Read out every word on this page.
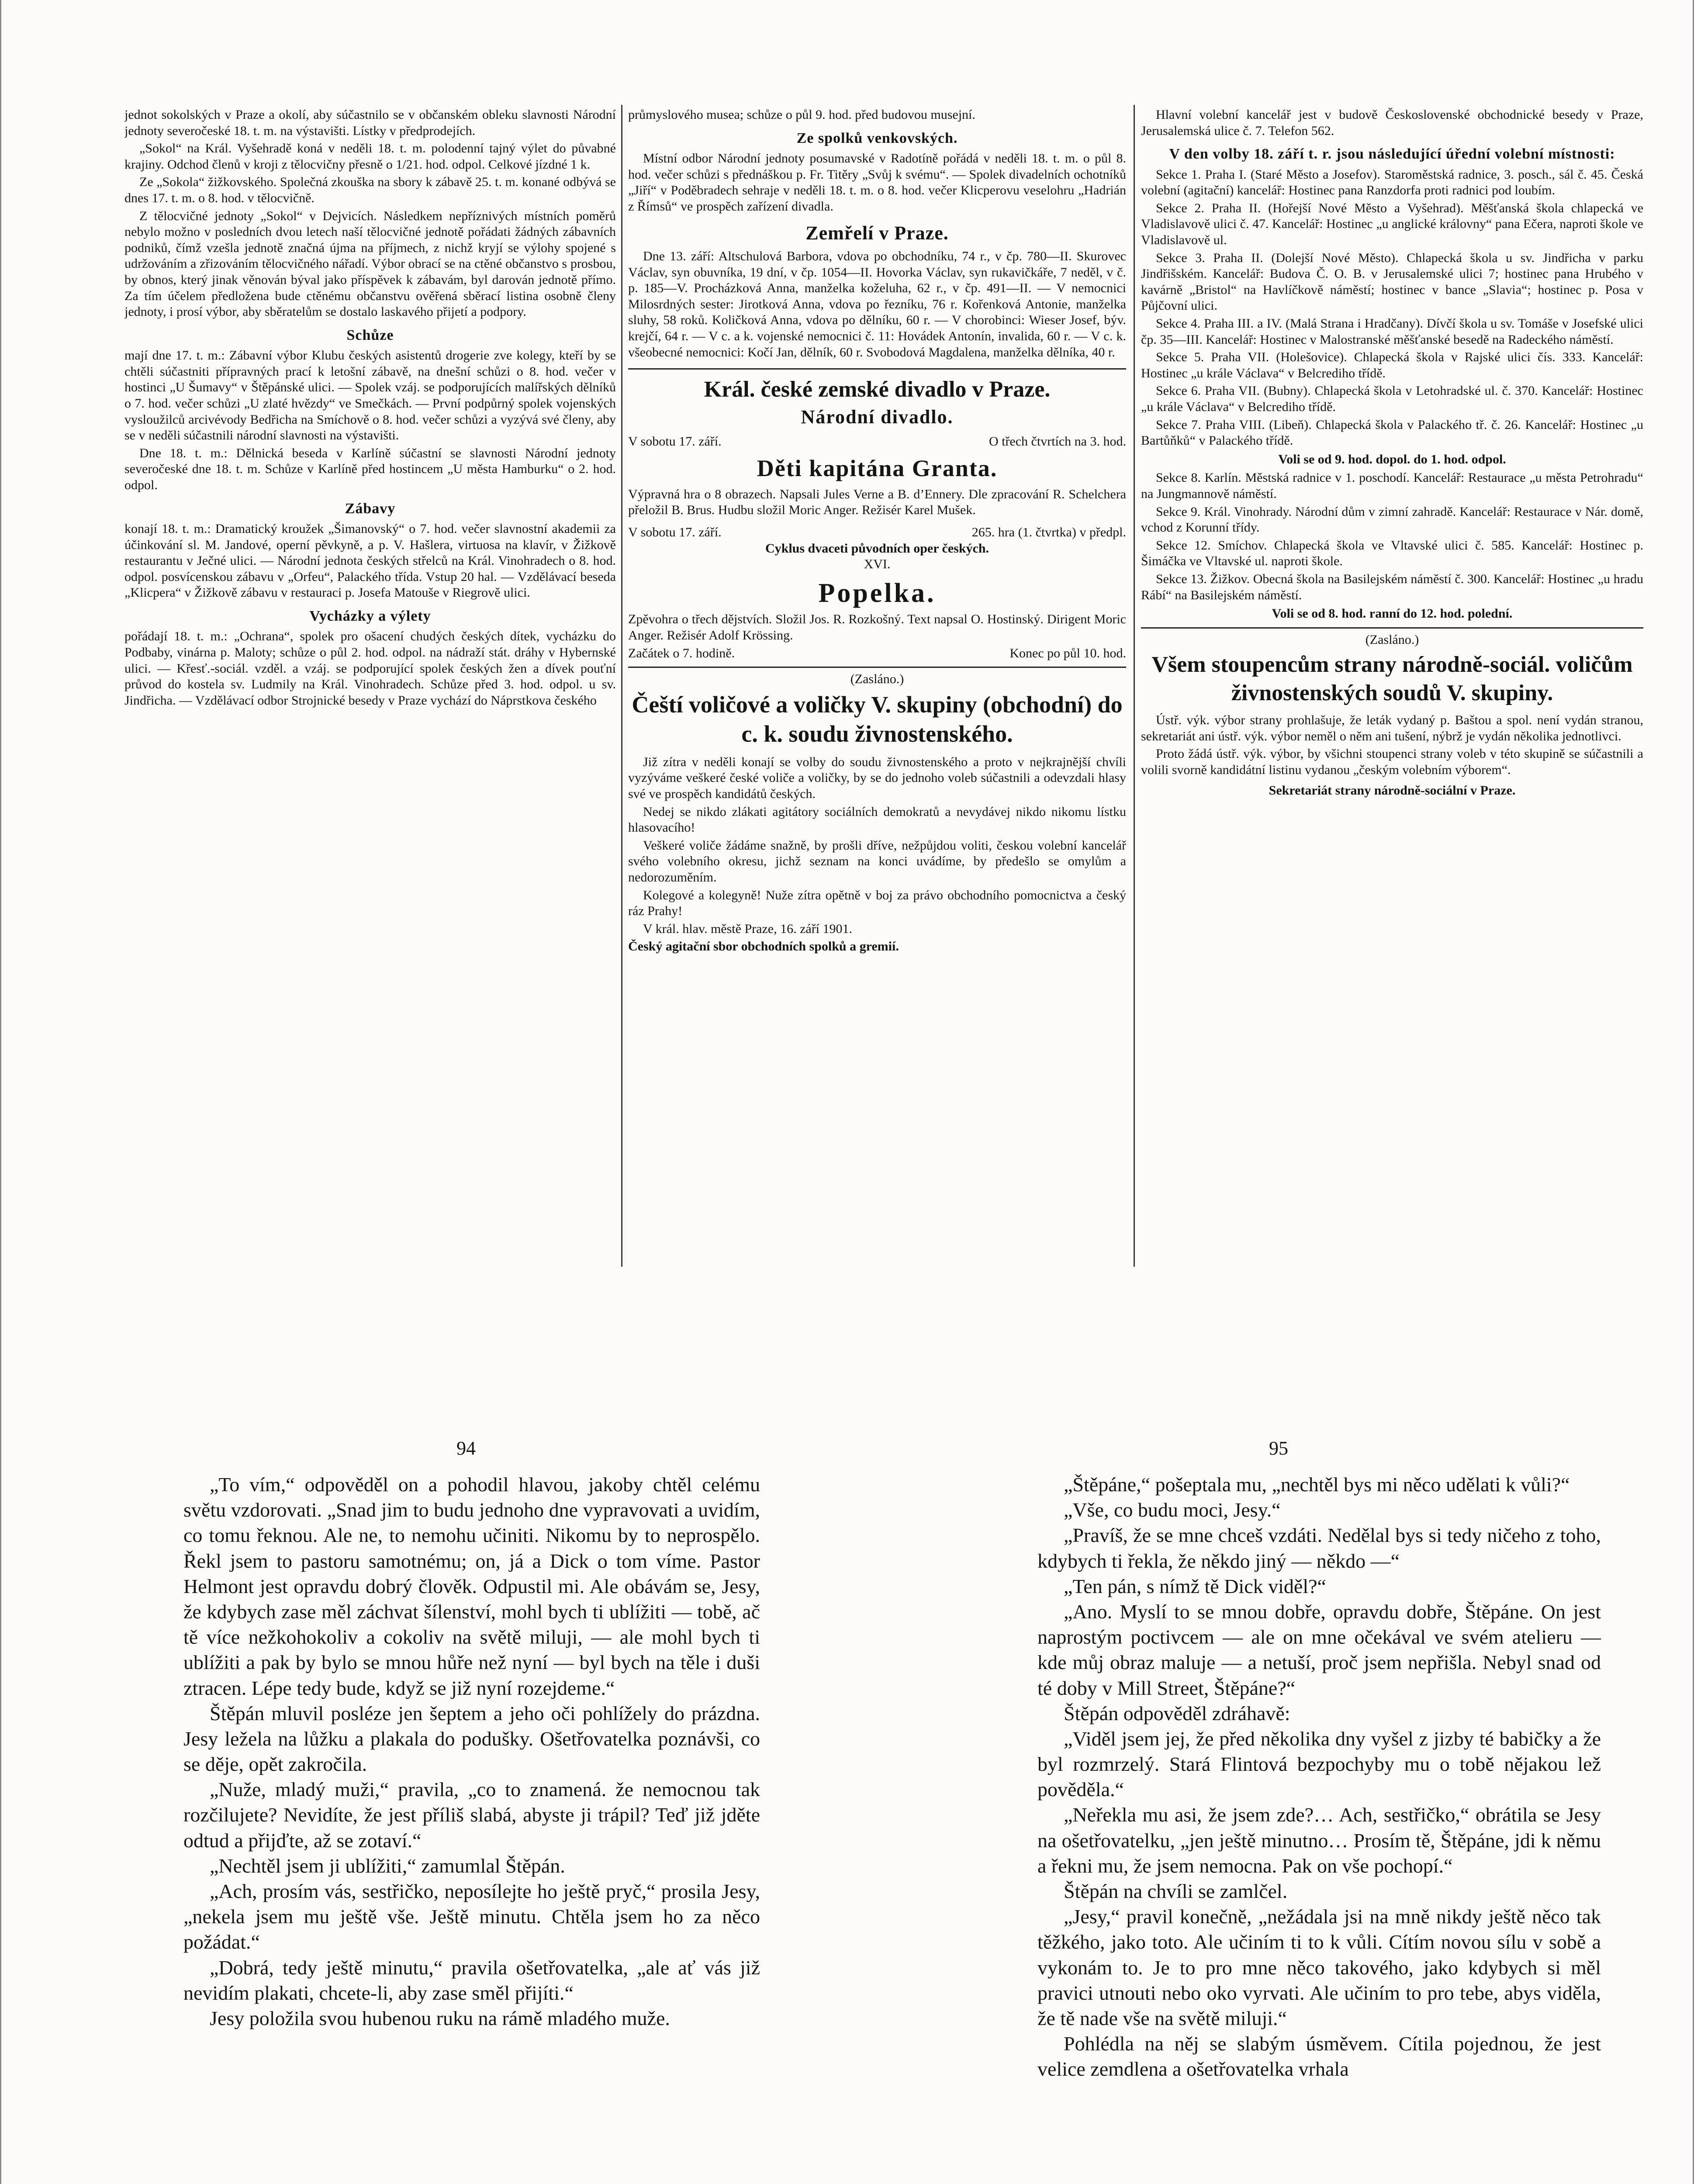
jednot sokolských v Praze a okolí, aby súčastnilo se v občanském obleku slavnosti Národní jednoty severočeské 18. t. m. na výstavišti. Lístky v předprodejích.

„Sokol“ na Král. Vyšehradě koná v neděli 18. t. m. polodenní tajný výlet do půvabné krajiny. Odchod členů v kroji z tělocvičny přesně o 1/21. hod. odpol. Celkové jízdné 1 k.

Ze „Sokola“ žižkovského. Společná zkouška na sbory k zábavě 25. t. m. konané odbývá se dnes 17. t. m. o 8. hod. v tělocvičně.

Z tělocvičné jednoty „Sokol“ v Dejvicích. Následkem nepříznivých místních poměrů nebylo možno v posledních dvou letech naší tělocvičné jednotě pořádati žádných zábavních podniků, čímž vzešla jednotě značná újma na příjmech, z nichž kryjí se výlohy spojené s udržováním a zřizováním tělocvičného nářadí. Výbor obrací se na ctěné občanstvo s prosbou, by obnos, který jinak věnován býval jako příspěvek k zábavám, byl darován jednotě přímo. Za tím účelem předložena bude ctěnému občanstvu ověřená sběrací listina osobně členy jednoty, i prosí výbor, aby sběratelům se dostalo laskavého přijetí a podpory.

Schůze

mají dne 17. t. m.: Zábavní výbor Klubu českých asistentů drogerie zve kolegy, kteří by se chtěli súčastniti přípravných prací k letošní zábavě, na dnešní schůzi o 8. hod. večer v hostinci „U Šumavy“ v Štěpánské ulici. — Spolek vzáj. se podporujících malířských dělníků o 7. hod. večer schůzi „U zlaté hvězdy“ ve Smečkách. — První podpůrný spolek vojenských vysloužilců arcivévody Bedřicha na Smíchově o 8. hod. večer schůzi a vyzývá své členy, aby se v neděli súčastnili národní slavnosti na výstavišti.

Dne 18. t. m.: Dělnická beseda v Karlíně súčastní se slavnosti Národní jednoty severočeské dne 18. t. m. Schůze v Karlíně před hostincem „U města Hamburku“ o 2. hod. odpol.

Zábavy

konají 18. t. m.: Dramatický kroužek „Šimanovský“ o 7. hod. večer slavnostní akademii za účinkování sl. M. Jandové, operní pěvkyně, a p. V. Hašlera, virtuosa na klavír, v Žižkově restaurantu v Ječné ulici. — Národní jednota českých střelců na Král. Vinohradech o 8. hod. odpol. posvícenskou zábavu v „Orfeu“, Palackého třída. Vstup 20 hal. — Vzdělávací beseda „Klicpera“ v Žižkově zábavu v restauraci p. Josefa Matouše v Riegrově ulici.

Vycházky a výlety

pořádají 18. t. m.: „Ochrana“, spolek pro ošacení chudých českých dítek, vycházku do Podbaby, vinárna p. Maloty; schůze o půl 2. hod. odpol. na nádraží stát. dráhy v Hybernské ulici. — Křesť.-sociál. vzděl. a vzáj. se podporující spolek českých žen a dívek pouťní průvod do kostela sv. Ludmily na Král. Vinohradech. Schůze před 3. hod. odpol. u sv. Jindřicha. — Vzdělávací odbor Strojnické besedy v Praze vychází do Náprstkova českého

průmyslového musea; schůze o půl 9. hod. před budovou musejní.

Ze spolků venkovských.

Místní odbor Národní jednoty posumavské v Radotíně pořádá v neděli 18. t. m. o půl 8. hod. večer schůzi s přednáškou p. Fr. Titěry „Svůj k svému“. — Spolek divadelních ochotníků „Jiří“ v Poděbradech sehraje v neděli 18. t. m. o 8. hod. večer Klicperovu veselohru „Hadrián z Římsů“ ve prospěch zařízení divadla.

Zemřelí v Praze.

Dne 13. září: Altschulová Barbora, vdova po obchodníku, 74 r., v čp. 780—II. Skurovec Václav, syn obuvníka, 19 dní, v čp. 1054—II. Hovorka Václav, syn rukavičkáře, 7 neděl, v č. p. 185—V. Procházková Anna, manželka koželuha, 62 r., v čp. 491—II. — V nemocnici Milosrdných sester: Jirotková Anna, vdova po řezníku, 76 r. Kořenková Antonie, manželka sluhy, 58 roků. Količková Anna, vdova po dělníku, 60 r. — V chorobinci: Wieser Josef, býv. krejčí, 64 r. — V c. a k. vojenské nemocnici č. 11: Hovádek Antonín, invalida, 60 r. — V c. k. všeobecné nemocnici: Kočí Jan, dělník, 60 r. Svobodová Magdalena, manželka dělníka, 40 r.

Král. české zemské divadlo v Praze.
Národní divadlo.
V sobotu 17. září.	O třech čtvrtích na 3. hod.
Děti kapitána Granta.

Výpravná hra o 8 obrazech. Napsali Jules Verne a B. d’Ennery. Dle zpracování R. Schelchera přeložil B. Brus. Hudbu složil Moric Anger. Režisér Karel Mušek.

V sobotu 17. září.	265. hra (1. čtvrtka) v předpl.
Cyklus dvaceti původních oper českých.
XVI.
Popelka.

Zpěvohra o třech dějstvích. Složil Jos. R. Rozkošný. Text napsal O. Hostinský. Dirigent Moric Anger. Režisér Adolf Krössing.

Začátek o 7. hodině.	Konec po půl 10. hod.
(Zasláno.)
Čeští voličové a voličky V. skupiny (obchodní) do c. k. soudu živnostenského.

Již zítra v neděli konají se volby do soudu živnostenského a proto v nejkrajnější chvíli vyzýváme veškeré české voliče a voličky, by se do jednoho voleb súčastnili a odevzdali hlasy své ve prospěch kandidátů českých.

Nedej se nikdo zlákati agitátory sociálních demokratů a nevydávej nikdo nikomu lístku hlasovacího!

Veškeré voliče žádáme snažně, by prošli dříve, nežpůjdou voliti, českou volební kancelář svého volebního okresu, jichž seznam na konci uvádíme, by předešlo se omylům a nedorozuměním.

Kolegové a kolegyně! Nuže zítra opětně v boj za právo obchodního pomocnictva a český ráz Prahy!

V král. hlav. městě Praze, 16. září 1901.

Český agitační sbor obchodních spolků a gremií.

Hlavní volební kancelář jest v budově Československé obchodnické besedy v Praze, Jerusalemská ulice č. 7. Telefon 562.

V den volby 18. září t. r. jsou následující úřední volební místnosti:

Sekce 1. Praha I. (Staré Město a Josefov). Staroměstská radnice, 3. posch., sál č. 45. Česká volební (agitační) kancelář: Hostinec pana Ranzdorfa proti radnici pod loubím.

Sekce 2. Praha II. (Hořejší Nové Město a Vyšehrad). Měšťanská škola chlapecká ve Vladislavově ulici č. 47. Kancelář: Hostinec „u anglické královny“ pana Ečera, naproti škole ve Vladislavově ul.

Sekce 3. Praha II. (Dolejší Nové Město). Chlapecká škola u sv. Jindřicha v parku Jindřišském. Kancelář: Budova Č. O. B. v Jerusalemské ulici 7; hostinec pana Hrubého v kavárně „Bristol“ na Havlíčkově náměstí; hostinec v bance „Slavia“; hostinec p. Posa v Půjčovní ulici.

Sekce 4. Praha III. a IV. (Malá Strana i Hradčany). Dívčí škola u sv. Tomáše v Josefské ulici čp. 35—III. Kancelář: Hostinec v Malostranské měšťanské besedě na Radeckého náměstí.

Sekce 5. Praha VII. (Holešovice). Chlapecká škola v Rajské ulici čís. 333. Kancelář: Hostinec „u krále Václava“ v Belcrediho třídě.

Sekce 6. Praha VII. (Bubny). Chlapecká škola v Letohradské ul. č. 370. Kancelář: Hostinec „u krále Václava“ v Belcrediho třídě.

Sekce 7. Praha VIII. (Libeň). Chlapecká škola v Palackého tř. č. 26. Kancelář: Hostinec „u Bartůňků“ v Palackého třídě.

Voli se od 9. hod. dopol. do 1. hod. odpol.

Sekce 8. Karlín. Městská radnice v 1. poschodí. Kancelář: Restaurace „u města Petrohradu“ na Jungmannově náměstí.

Sekce 9. Král. Vinohrady. Národní dům v zimní zahradě. Kancelář: Restaurace v Nár. domě, vchod z Korunní třídy.

Sekce 12. Smíchov. Chlapecká škola ve Vltavské ulici č. 585. Kancelář: Hostinec p. Šimáčka ve Vltavské ul. naproti škole.

Sekce 13. Žižkov. Obecná škola na Basilejském náměstí č. 300. Kancelář: Hostinec „u hradu Rábí“ na Basilejském náměstí.

Voli se od 8. hod. ranní do 12. hod. polední.
(Zasláno.)
Všem stoupencům strany národně-sociál. voličům živnostenských soudů V. skupiny.

Ústř. výk. výbor strany prohlašuje, že leták vydaný p. Baštou a spol. není vydán stranou, sekretariát ani ústř. výk. výbor neměl o něm ani tušení, nýbrž je vydán několika jednotlivci.

Proto žádá ústř. výk. výbor, by všichni stoupenci strany voleb v této skupině se súčastnili a volili svorně kandidátní listinu vydanou „českým volebním výborem“.

Sekretariát strany národně-sociální v Praze.
94	95

„To vím,“ odpověděl on a pohodil hlavou, jakoby chtěl celému světu vzdorovati. „Snad jim to budu jednoho dne vypravovati a uvidím, co tomu řeknou. Ale ne, to nemohu učiniti. Nikomu by to neprospělo. Řekl jsem to pastoru samotnému; on, já a Dick o tom víme. Pastor Helmont jest opravdu dobrý člověk. Odpustil mi. Ale obávám se, Jesy, že kdybych zase měl záchvat šílenství, mohl bych ti ublížiti — tobě, ač tě více nežkohokoliv a cokoliv na světě miluji, — ale mohl bych ti ublížiti a pak by bylo se mnou hůře než nyní — byl bych na těle i duši ztracen. Lépe tedy bude, když se již nyní rozejdeme.“

Štěpán mluvil posléze jen šeptem a jeho oči pohlížely do prázdna. Jesy ležela na lůžku a plakala do podušky. Ošetřovatelka poznávši, co se děje, opět zakročila.

„Nuže, mladý muži,“ pravila, „co to znamená. že nemocnou tak rozčilujete? Nevidíte, že jest příliš slabá, abyste ji trápil? Teď již jděte odtud a přijďte, až se zotaví.“

„Nechtěl jsem ji ublížiti,“ zamumlal Štěpán.

„Ach, prosím vás, sestřičko, neposílejte ho ještě pryč,“ prosila Jesy, „nekela jsem mu ještě vše. Ještě minutu. Chtěla jsem ho za něco požádat.“

„Dobrá, tedy ještě minutu,“ pravila ošetřovatelka, „ale ať vás již nevidím plakati, chcete-li, aby zase směl přijíti.“

Jesy položila svou hubenou ruku na rámě mladého muže.

„Štěpáne,“ pošeptala mu, „nechtěl bys mi něco udělati k vůli?“

„Vše, co budu moci, Jesy.“

„Pravíš, že se mne chceš vzdáti. Nedělal bys si tedy ničeho z toho, kdybych ti řekla, že někdo jiný — někdo —“

„Ten pán, s nímž tě Dick viděl?“

„Ano. Myslí to se mnou dobře, opravdu dobře, Štěpáne. On jest naprostým poctivcem — ale on mne očekával ve svém atelieru — kde můj obraz maluje — a netuší, proč jsem nepřišla. Nebyl snad od té doby v Mill Street, Štěpáne?“

Štěpán odpověděl zdráhavě:

„Viděl jsem jej, že před několika dny vyšel z jizby té babičky a že byl rozmrzelý. Stará Flintová bezpochyby mu o tobě nějakou lež pověděla.“

„Neřekla mu asi, že jsem zde?… Ach, sestřičko,“ obrátila se Jesy na ošetřovatelku, „jen ještě minutno… Prosím tě, Štěpáne, jdi k němu a řekni mu, že jsem nemocna. Pak on vše pochopí.“

Štěpán na chvíli se zamlčel.

„Jesy,“ pravil konečně, „nežádala jsi na mně nikdy ještě něco tak těžkého, jako toto. Ale učiním ti to k vůli. Cítím novou sílu v sobě a vykonám to. Je to pro mne něco takového, jako kdybych si měl pravici utnouti nebo oko vyrvati. Ale učiním to pro tebe, abys viděla, že tě nade vše na světě miluji.“

Pohlédla na něj se slabým úsměvem. Cítila pojednou, že jest velice zemdlena a ošetřovatelka vrhala
